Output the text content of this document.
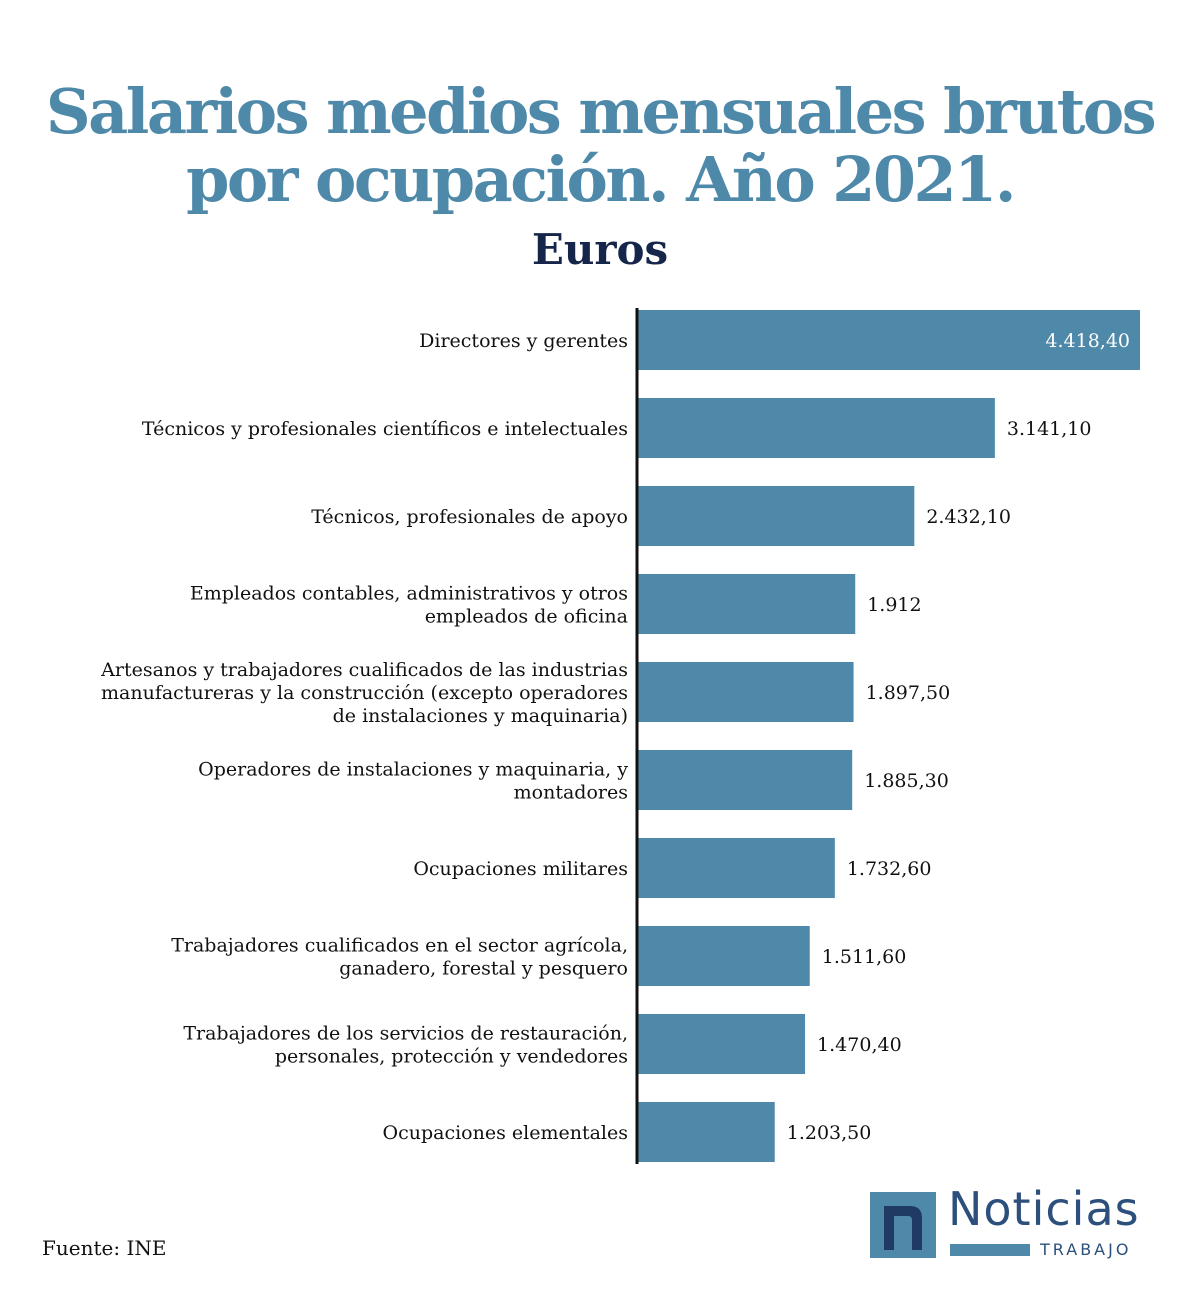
Salarios medios mensuales brutos
por ocupación. Año 2021.
Euros
4.418,40
Directores y gerentes
3.141,10
Técnicos y profesionales científicos e intelectuales
2.432,10
Técnicos, profesionales de apoyo
1.912
Empleados contables, administrativos y otros empleados de oficina
1.897,50
Artesanos y trabajadores cualificados de las industrias manufactureras y la construcción (excepto operadores de instalaciones y maquinaria)
1.885,30
Operadores de instalaciones y maquinaria, y montadores
1.732,60
Ocupaciones militares
1.511,60
Trabajadores cualificados en el sector agrícola, ganadero, forestal y pesquero
1.470,40
Trabajadores de los servicios de restauración, personales, protección y vendedores
1.203,50
Ocupaciones elementales
Fuente: INE
Noticias
TRABAJO
